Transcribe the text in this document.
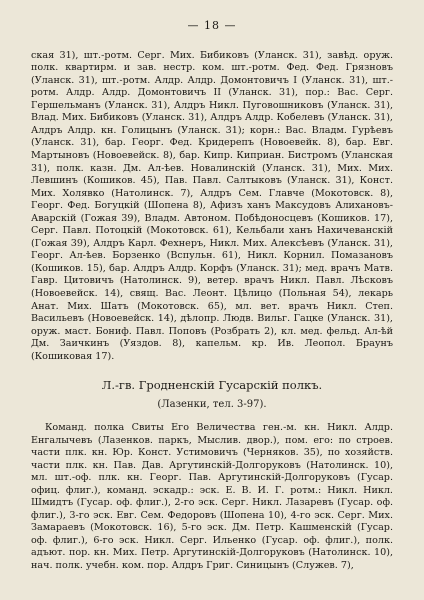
— 18 —

ская 31), шт.-ротм. Серг. Мих. Бибиковъ (Уланск. 31), завѣд. оруж. полк. квартирм. и зав. нестр. ком. шт.-ротм. Фед. Фед. Грязновъ (Уланск. 31), шт.-ротм. Алдр. Алдр. Домонтовичъ I (Уланск. 31), шт.-ротм. Алдр. Алдр. Домонтовичъ II (Уланск. 31), пор.: Вас. Серг. Гершельманъ (Уланск. 31), Алдръ Никл. Пуговошниковъ (Уланск. 31), Влад. Мих. Бибиковъ (Уланск. 31), Алдръ Алдр. Кобелевъ (Уланск. 31), Алдръ Алдр. кн. Голицынъ (Уланск. 31); корн.: Вас. Владм. Гурѣевъ (Уланск. 31), бар. Георг. Фед. Кридерепъ (Новоевейк. 8), бар. Евг. Мартыновъ (Новоевейск. 8), бар. Кипр. Киприан. Бистромъ (Уланская 31), полк. казн. Дм. Ал-ѣев. Новалинскій (Уланск. 31), Мих. Мих. Левшинъ (Кошиков. 45), Пав. Павл. Салтыковъ (Уланск. 31), Конст. Мих. Холявко (Натолинск. 7), Алдръ Сем. Главче (Мокотовск. 8), Георг. Фед. Богуцкій (Шопена 8), Афизъ ханъ Максудовъ Алихановъ-Аварскій (Гожая 39), Владм. Автоном. Побѣдоносцевъ (Кошиков. 17), Серг. Павл. Потоцкій (Мокотовск. 61), Кельбали ханъ Нахичеванскій (Гожая 39), Алдръ Карл. Фехнеръ, Никл. Мих. Алексѣевъ (Уланск. 31), Георг. Ал-ѣев. Борзенко (Вспульн. 61), Никл. Корнил. Помазановъ (Кошиков. 15), бар. Алдръ Алдр. Корфъ (Уланск. 31); мед. врачъ Матв. Гавр. Цитовичъ (Натолинск. 9), ветер. врачъ Никл. Павл. Лѣсковъ (Новоевейск. 14), свящ. Вас. Леонт. Цѣлицо (Польная 54), лекарь Анат. Мих. Шатъ (Мокотовск. 65), мл. вет. врачъ Никл. Степ. Васильевъ (Новоевейск. 14), дѣлопр. Людв. Вильг. Гацке (Уланск. 31), оруж. маст. Бониф. Павл. Поповъ (Розбрать 2), кл. мед. фельд. Ал-ѣй Дм. Заичкинъ (Уяздов. 8), капельм. кр. Ив. Леопол. Браунъ (Кошиковая 17).

Л.-гв. Гродненскій Гусарскій полкъ.
(Лазенки, тел. 3-97).

Команд. полка Свиты Его Величества ген.-м. кн. Никл. Алдр. Енгалычевъ (Лазенков. паркъ, Мыслив. двор.), пом. его: по строев. части плк. кн. Юр. Конст. Устимовичъ (Черняков. 35), по хозяйств. части плк. кн. Пав. Дав. Аргутинскій-Долгоруковъ (Натолинск. 10), мл. шт.-оф. плк. кн. Георг. Пав. Аргутинскій-Долгоруковъ (Гусар. офиц. флиг.), команд. эскадр.: эск. Е. В. И. Г. ротм.: Никл. Никл. Шмидтъ (Гусар. оф. флиг.), 2-го эск. Серг. Никл. Лазаревъ (Гусар. оф. флиг.), 3-го эск. Евг. Сем. Федоровъ (Шопена 10), 4-го эск. Серг. Мих. Замараевъ (Мокотовск. 16), 5-го эск. Дм. Петр. Кашменскій (Гусар. оф. флиг.), 6-го эск. Никл. Серг. Ильенко (Гусар. оф. флиг.), полк. адъют. пор. кн. Мих. Петр. Аргутинскій-Долгоруковъ (Натолинск. 10), нач. полк. учебн. ком. пор. Алдръ Григ. Синицынъ (Служев. 7),
